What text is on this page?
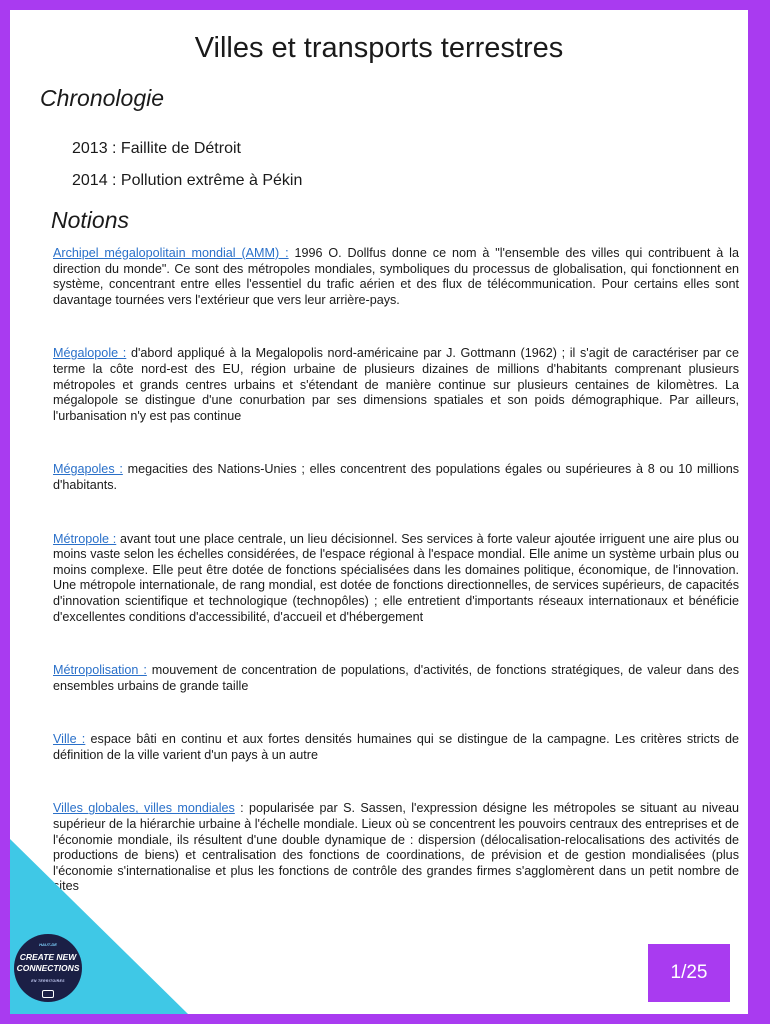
Villes et transports terrestres
Chronologie
2013 : Faillite de Détroit
2014 : Pollution extrême à Pékin
Notions

Archipel mégalopolitain mondial (AMM) : 1996 O. Dollfus donne ce nom à "l'ensemble des villes qui contribuent à la direction du monde". Ce sont des métropoles mondiales, symboliques du processus de globalisation, qui fonctionnent en système, concentrant entre elles l'essentiel du trafic aérien et des flux de télécommunication. Pour certains elles sont davantage tournées vers l'extérieur que vers leur arrière-pays.

Mégalopole : d'abord appliqué à la Megalopolis nord-américaine par J. Gottmann (1962) ; il s'agit de caractériser par ce terme la côte nord-est des EU, région urbaine de plusieurs dizaines de millions d'habitants comprenant plusieurs métropoles et grands centres urbains et s'étendant de manière continue sur plusieurs centaines de kilomètres. La mégalopole se distingue d'une conurbation par ses dimensions spatiales et son poids démographique. Par ailleurs, l'urbanisation n'y est pas continue

Mégapoles : megacities des Nations-Unies ; elles concentrent des populations égales ou supérieures à 8 ou 10 millions d'habitants.

Métropole : avant tout une place centrale, un lieu décisionnel. Ses services à forte valeur ajoutée irriguent une aire plus ou moins vaste selon les échelles considérées, de l'espace régional à l'espace mondial. Elle anime un système urbain plus ou moins complexe. Elle peut être dotée de fonctions spécialisées dans les domaines politique, économique, de l'innovation. Une métropole internationale, de rang mondial, est dotée de fonctions directionnelles, de services supérieurs, de capacités d'innovation scientifique et technologique (technopôles) ; elle entretient d'importants réseaux internationaux et bénéficie d'excellentes conditions d'accessibilité, d'accueil et d'hébergement

Métropolisation : mouvement de concentration de populations, d'activités, de fonctions stratégiques, de valeur dans des ensembles urbains de grande taille

Ville : espace bâti en continu et aux fortes densités humaines qui se distingue de la campagne. Les critères stricts de définition de la ville varient d'un pays à un autre

Villes globales, villes mondiales : popularisée par S. Sassen, l'expression désigne les métropoles se situant au niveau supérieur de la hiérarchie urbaine à l'échelle mondiale. Lieux où se concentrent les pouvoirs centraux des entreprises et de l'économie mondiale, ils résultent d'une double dynamique de : dispersion (délocalisation-relocalisations des activités de productions de biens) et centralisation des fonctions de coordinations, de prévision et de gestion mondialisées (plus l'économie s'internationalise et plus les fonctions de contrôle des grandes firmes s'agglomèrent dans un petit nombre de sites

HAUT-DE
CREATE NEW
CONNECTIONS
EN TERRITOIRES	1/25
